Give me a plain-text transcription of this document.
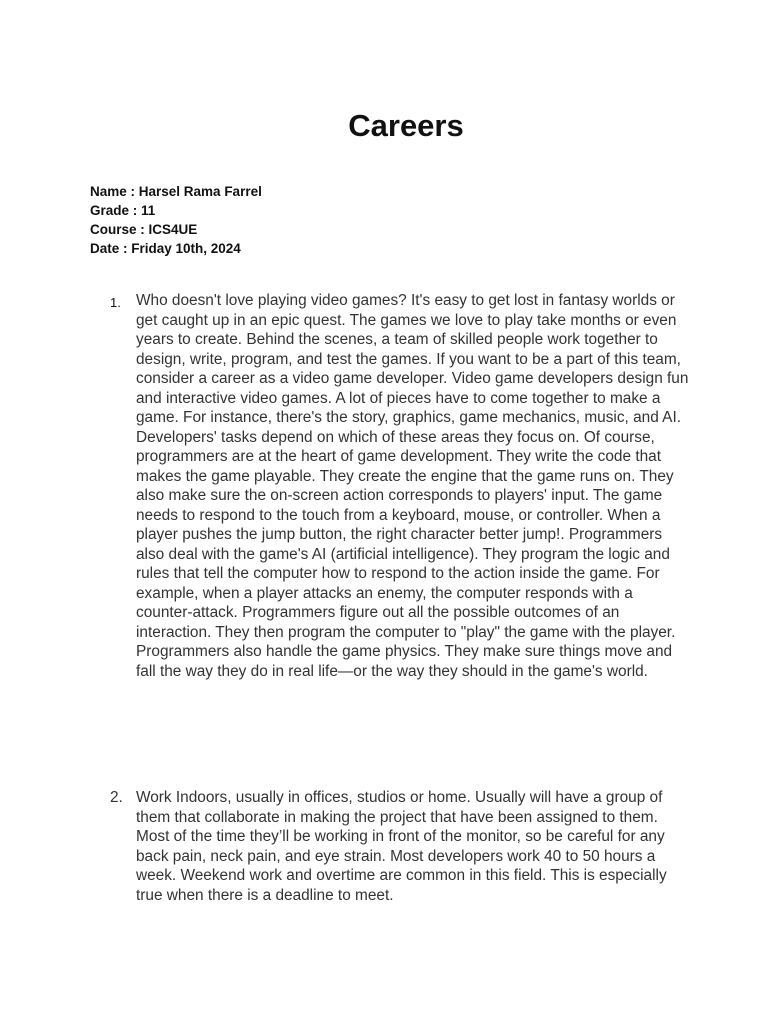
Careers
Name : Harsel Rama Farrel
Grade : 11
Course : ICS4UE
Date : Friday 10th, 2024
1. Who doesn't love playing video games? It's easy to get lost in fantasy worlds or get caught up in an epic quest. The games we love to play take months or even years to create. Behind the scenes, a team of skilled people work together to design, write, program, and test the games. If you want to be a part of this team, consider a career as a video game developer. Video game developers design fun and interactive video games. A lot of pieces have to come together to make a game. For instance, there's the story, graphics, game mechanics, music, and AI. Developers' tasks depend on which of these areas they focus on. Of course, programmers are at the heart of game development. They write the code that makes the game playable. They create the engine that the game runs on. They also make sure the on-screen action corresponds to players' input. The game needs to respond to the touch from a keyboard, mouse, or controller. When a player pushes the jump button, the right character better jump!. Programmers also deal with the game's AI (artificial intelligence). They program the logic and rules that tell the computer how to respond to the action inside the game. For example, when a player attacks an enemy, the computer responds with a counter-attack. Programmers figure out all the possible outcomes of an interaction. They then program the computer to "play" the game with the player. Programmers also handle the game physics. They make sure things move and fall the way they do in real life—or the way they should in the game's world.
2. Work Indoors, usually in offices, studios or home. Usually will have a group of them that collaborate in making the project that have been assigned to them. Most of the time they’ll be working in front of the monitor, so be careful for any back pain, neck pain, and eye strain. Most developers work 40 to 50 hours a week. Weekend work and overtime are common in this field. This is especially true when there is a deadline to meet.
